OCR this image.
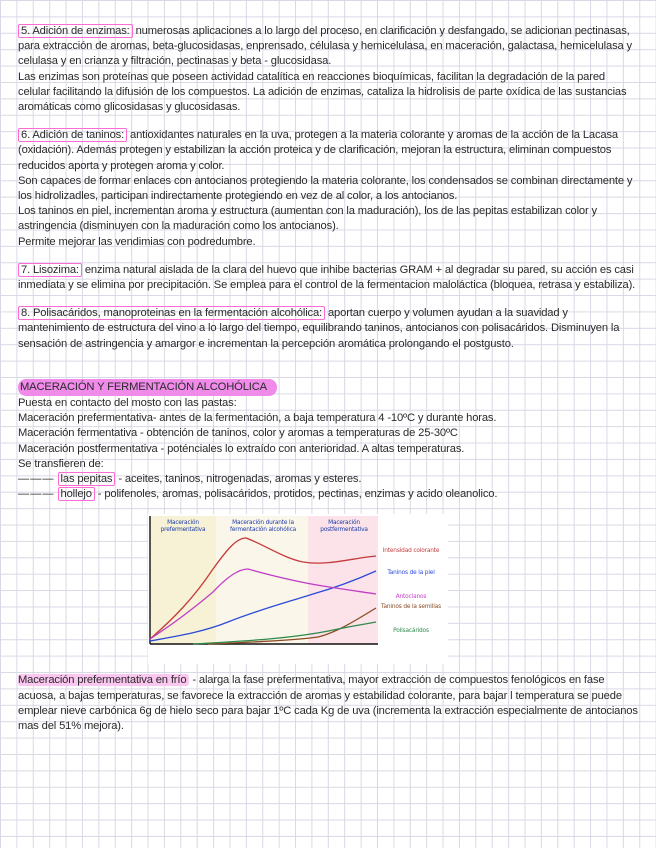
5. Adición de enzimas: numerosas aplicaciones a lo largo del proceso, en clarificación y desfangado, se adicionan pectinasas, para extracción de aromas, beta-glucosidasas, enprensado, célulasa y hemicelulasa, en maceración, galactasa, hemicelulasa y celulasa y en crianza y filtración, pectinasas y beta - glucosidasa.

Las enzimas son proteínas que poseen actividad catalítica en reacciones bioquímicas, facilitan la degradación de la pared celular facilitando la difusión de los compuestos. La adición de enzimas, cataliza la hidrolisis de parte oxídica de las sustancias aromáticas como glicosidasas y glucosidasas.

6. Adición de taninos: antioxidantes naturales en la uva, protegen a la materia colorante y aromas de la acción de la Lacasa (oxidación). Además protegen y estabilizan la acción proteica y de clarificación, mejoran la estructura, eliminan compuestos reducidos aporta y protegen aroma y color.

Son capaces de formar enlaces con antocianos protegiendo la materia colorante, los condensados se combinan directamente y los hidrolizadles, participan indirectamente protegiendo en vez de al color, a los antocianos.

Los taninos en piel, incrementan aroma y estructura (aumentan con la maduración), los de las pepitas estabilizan color y astringencia (disminuyen con la maduración como los antocianos).

Permite mejorar las vendimias con podredumbre.

7. Lisozima: enzima natural aislada de la clara del huevo que inhibe bacterias GRAM + al degradar su pared, su acción es casi inmediata y se elimina por precipitación. Se emplea para el control de la fermentacion maloláctica (bloquea, retrasa y estabiliza).

8. Polisacáridos, manoproteinas en la fermentación alcohólica: aportan cuerpo y volumen ayudan a la suavidad y mantenimiento de estructura del vino a lo largo del tiempo, equilibrando taninos, antocianos con polisacáridos. Disminuyen la sensación de astringencia y amargor e incrementan la percepción aromática prolongando el postgusto.

MACERACIÓN Y FERMENTACIÓN ALCOHÓLICA

Puesta en contacto del mosto con las pastas:

Maceración prefermentativa- antes de la fermentación, a baja temperatura 4 -10ºC y durante horas.

Maceración fermentativa - obtención de taninos, color y aromas a temperaturas de 25-30ºC

Maceración postfermentativa - poténciales lo extraído con anterioridad. A altas temperaturas.

Se transfieren de:

——— las pepitas - aceites, taninos, nitrogenadas, aromas y esteres.

——— hollejo - polifenoles, aromas, polisacáridos, protidos, pectinas, enzimas y acido oleanolico.

Maceración prefermentativa
Maceración durante la fermentación alcohólica
Maceración postfermentativa
Intensidad colorante
Taninos de la piel
Antocianos
Taninos de la semillas
Polisacáridos

Maceración prefermentativa en frío - alarga la fase prefermentativa, mayor extracción de compuestos fenológicos en fase acuosa, a bajas temperaturas, se favorece la extracción de aromas y estabilidad colorante, para bajar l temperatura se puede emplear nieve carbónica 6g de hielo seco para bajar 1ºC cada Kg de uva (incrementa la extracción especialmente de antocianos mas del 51% mejora).
